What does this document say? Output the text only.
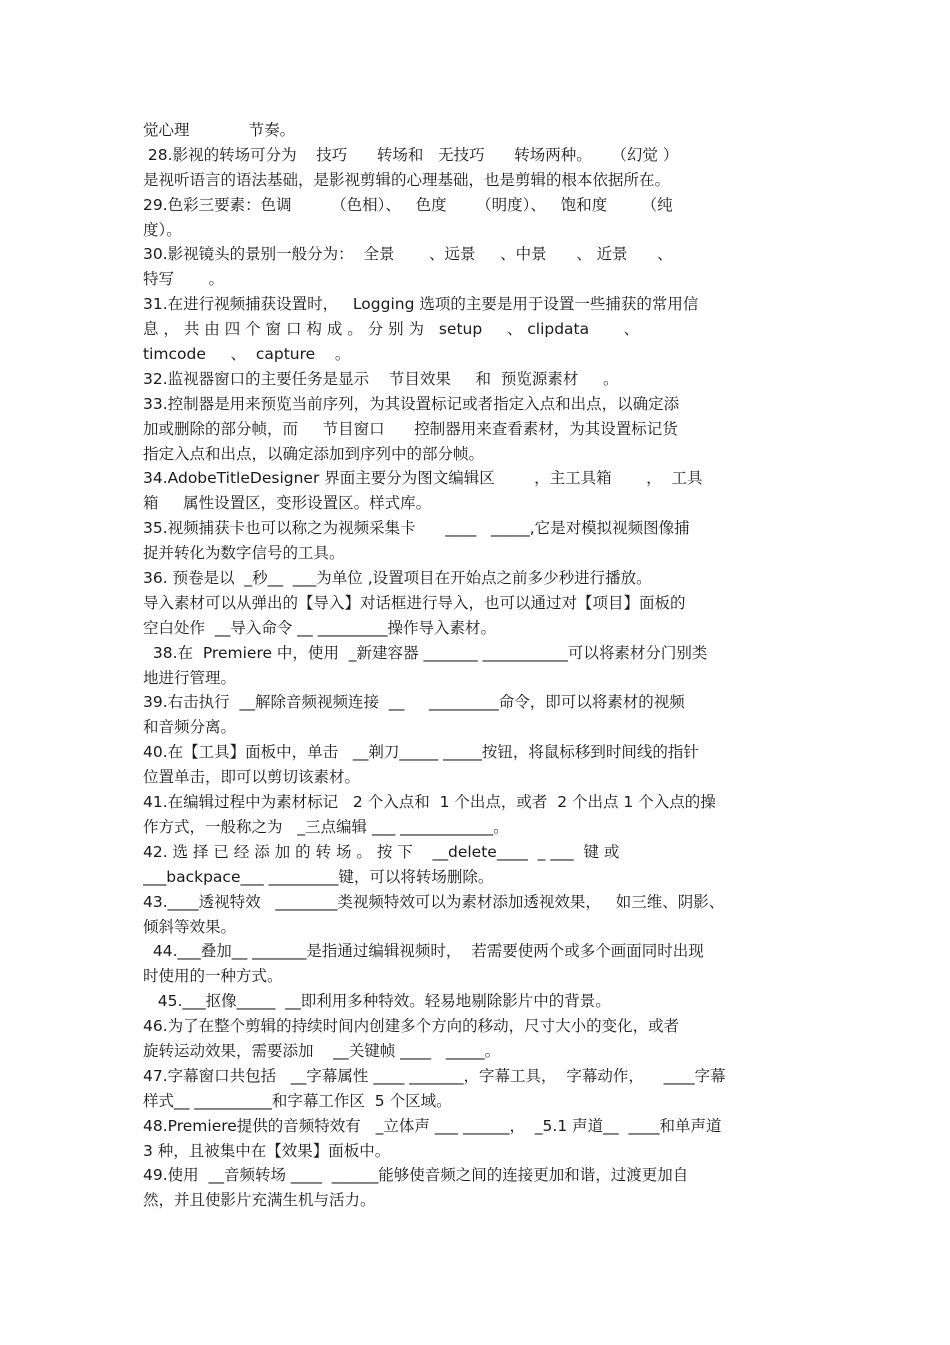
觉心理            节奏。
28.影视的转场可分为    技巧      转场和   无技巧      转场两种。    （幻觉 ）
是视听语言的语法基础，是影视剪辑的心理基础，也是剪辑的根本依据所在。
29.色彩三要素：色调        （色相）、   色度      （明度）、   饱和度       （纯
度）。
30.影视镜头的景别一般分为：  全景       、远景     、中景      、 近景      、
特写       。
31.在进行视频捕获设置时，   Logging 选项的主要是用于设置一些捕获的常用信
息 ， 共 由 四 个 窗 口 构 成 。 分 别 为   setup     、 clipdata       、
timcode     、  capture    。
32.监视器窗口的主要任务是显示    节目效果     和  预览源素材     。
33.控制器是用来预览当前序列，为其设置标记或者指定入点和出点，以确定添
加或删除的部分帧，而     节目窗口      控制器用来查看素材，为其设置标记货
指定入点和出点，以确定添加到序列中的部分帧。
34.AdobeTitleDesigner 界面主要分为图文编辑区        ，主工具箱       ，  工具
箱     属性设置区，变形设置区。样式库。
35.视频捕获卡也可以称之为视频采集卡      ____   _____,它是对模拟视频图像捕
捉并转化为数字信号的工具。
36. 预卷是以  _秒__  ___为单位 ,设置项目在开始点之前多少秒进行播放。
导入素材可以从弹出的【导入】对话框进行导入，也可以通过对【项目】面板的
空白处作  __导入命令 __ _________操作导入素材。
38.在  Premiere 中，使用  _新建容器 _______ ___________可以将素材分门别类
地进行管理。
39.右击执行  __解除音频视频连接  __     _________命令，即可以将素材的视频
和音频分离。
40.在【工具】面板中，单击   __剃刀_____ _____按钮，将鼠标移到时间线的指针
位置单击，即可以剪切该素材。
41.在编辑过程中为素材标记   2 个入点和  1 个出点，或者  2 个出点 1 个入点的操
作方式，一般称之为   _三点编辑 ___ ____________。
42. 选 择 已 经 添 加 的 转 场 。 按 下    __delete____  _ ___  键 或
___backpace___ _________键，可以将转场删除。
43.____透视特效   ________类视频特效可以为素材添加透视效果，   如三维、阴影、
倾斜等效果。
44.___叠加__ _______是指通过编辑视频时，  若需要使两个或多个画面同时出现
时使用的一种方式。
45.___抠像_____  __即利用多种特效。轻易地剔除影片中的背景。
46.为了在整个剪辑的持续时间内创建多个方向的移动，尺寸大小的变化，或者
旋转运动效果，需要添加    __关键帧 ____   _____。
47.字幕窗口共包括   __字幕属性 ____ _______，字幕工具，  字幕动作，    ____字幕
样式__ __________和字幕工作区  5 个区域。
48.Premiere提供的音频特效有   _立体声 ___ ______，  _5.1 声道__  ____和单声道
3 种，且被集中在【效果】面板中。
49.使用  __音频转场 ____  ______能够使音频之间的连接更加和谐，过渡更加自
然，并且使影片充满生机与活力。
